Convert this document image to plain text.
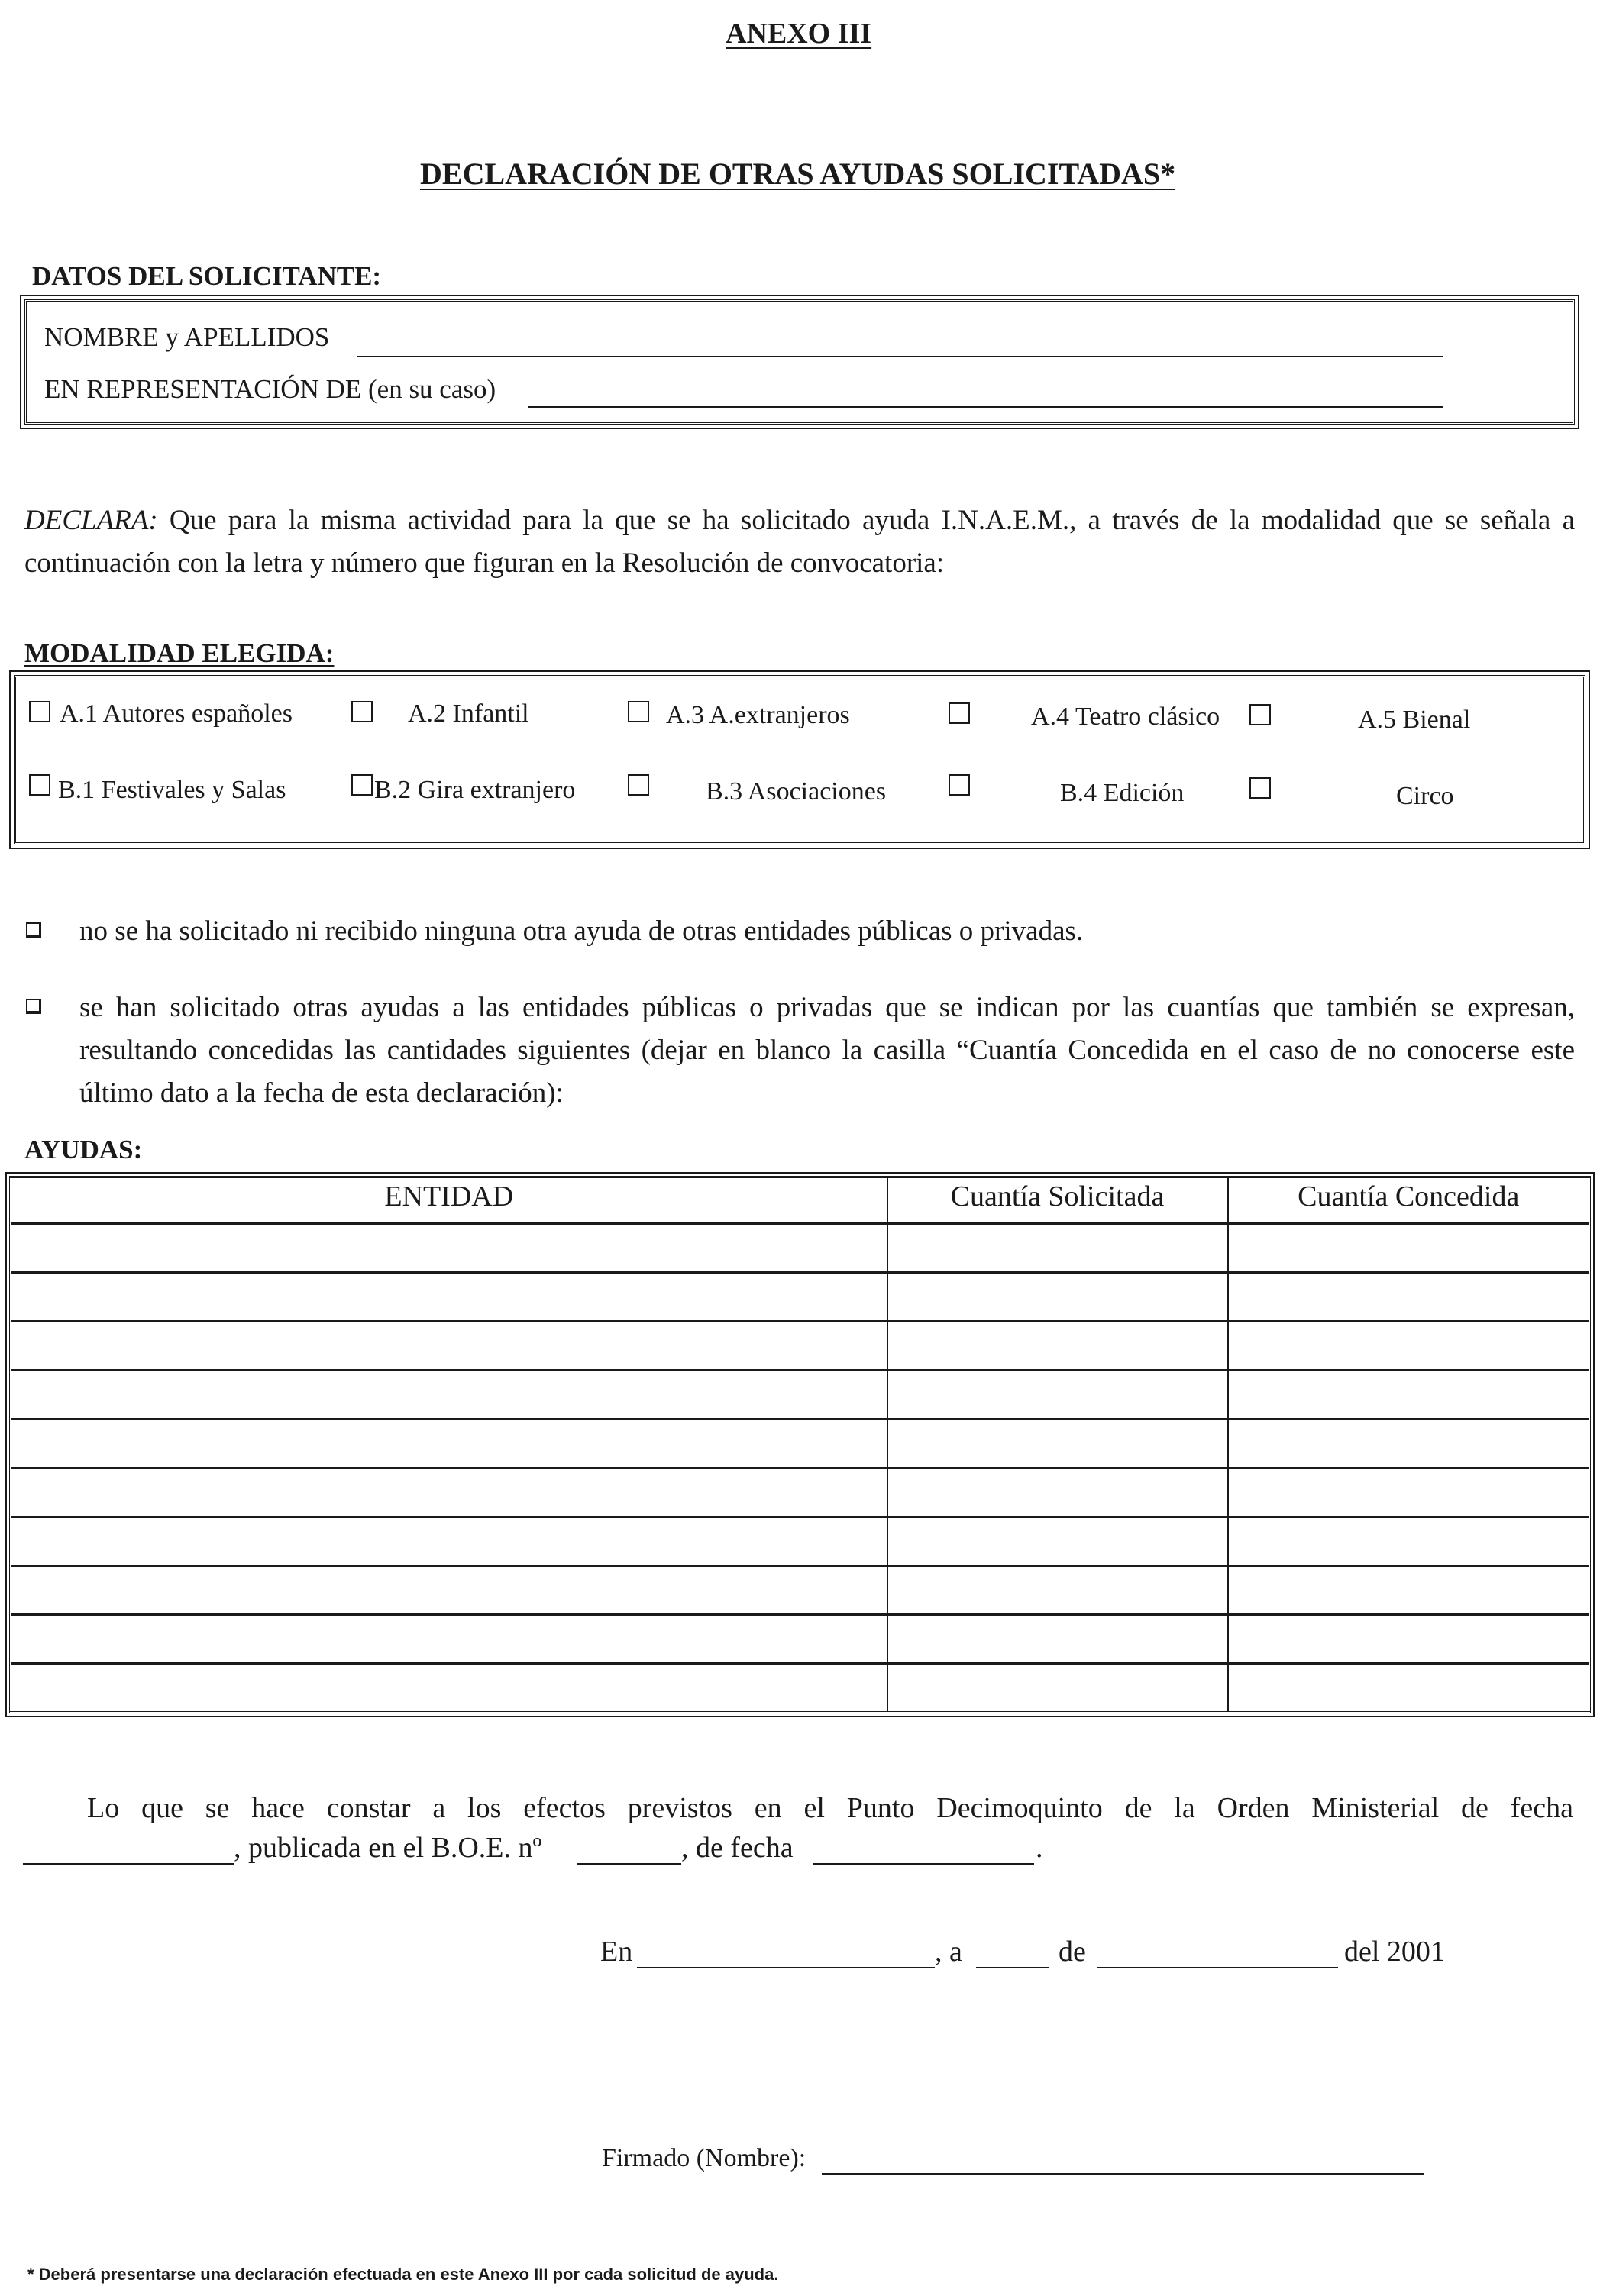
ANEXO III
DECLARACIÓN DE OTRAS AYUDAS SOLICITADAS*
DATOS DEL SOLICITANTE:
NOMBRE y APELLIDOS
EN REPRESENTACIÓN DE (en su caso)
DECLARA: Que para la misma actividad para la que se ha solicitado ayuda I.N.A.E.M., a través de la modalidad que se señala a continuación con la letra y número que figuran en la Resolución de convocatoria:
MODALIDAD ELEGIDA:
A.1 Autores españoles	A.2 Infantil	A.3 A.extranjeros	A.4 Teatro clásico	A.5 Bienal
B.1 Festivales y Salas	B.2 Gira extranjero	B.3 Asociaciones	B.4 Edición	Circo
no se ha solicitado ni recibido ninguna otra ayuda de otras entidades públicas o privadas.
se han solicitado otras ayudas a las entidades públicas o privadas que se indican por las cuantías que también se expresan, resultando concedidas las cantidades siguientes (dejar en blanco la casilla “Cuantía Concedida en el caso de no conocerse este último dato a la fecha de esta declaración):
AYUDAS:
ENTIDAD	Cuantía Solicitada	Cuantía Concedida

Lo que se hace constar a los efectos previstos en el Punto Decimoquinto de la Orden Ministerial de fecha
, publicada en el B.O.E. nº	, de fecha	.
En	, a	de	del 2001
Firmado (Nombre):
* Deberá presentarse una declaración efectuada en este Anexo III por cada solicitud de ayuda.
